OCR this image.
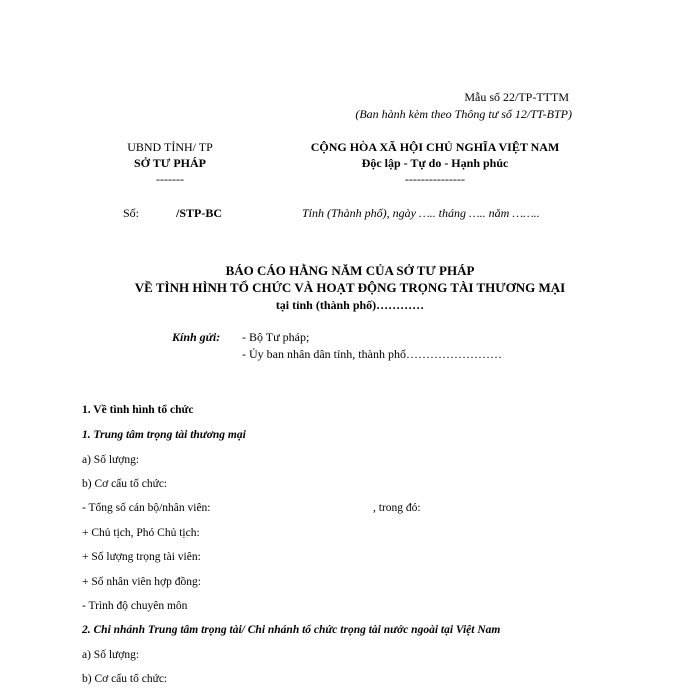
Mẫu số 22/TP-TTTM
(Ban hành kèm theo Thông tư số 12/TT-BTP)
UBND TỈNH/ TP
SỞ TƯ PHÁP
-------
CỘNG HÒA XÃ HỘI CHỦ NGHĨA VIỆT NAM
Độc lập - Tự do - Hạnh phúc
---------------
Số:	/STP-BC	Tỉnh (Thành phố), ngày ….. tháng ….. năm ……..
BÁO CÁO HẰNG NĂM CỦA SỞ TƯ PHÁP
VỀ TÌNH HÌNH TỔ CHỨC VÀ HOẠT ĐỘNG TRỌNG TÀI THƯƠNG MẠI
tại tỉnh (thành phố)…………
Kính gửi: - Bộ Tư pháp;
- Ủy ban nhân dân tỉnh, thành phố……………………
1. Về tình hình tổ chức
1. Trung tâm trọng tài thương mại
a) Số lượng:
b) Cơ cấu tổ chức:
- Tổng số cán bộ/nhân viên:	, trong đó:
+ Chủ tịch, Phó Chủ tịch:
+ Số lượng trọng tài viên:
+ Số nhân viên hợp đồng:
- Trình độ chuyên môn
2. Chi nhánh Trung tâm trọng tài/ Chi nhánh tổ chức trọng tài nước ngoài tại Việt Nam
a) Số lượng:
b) Cơ cấu tổ chức:
